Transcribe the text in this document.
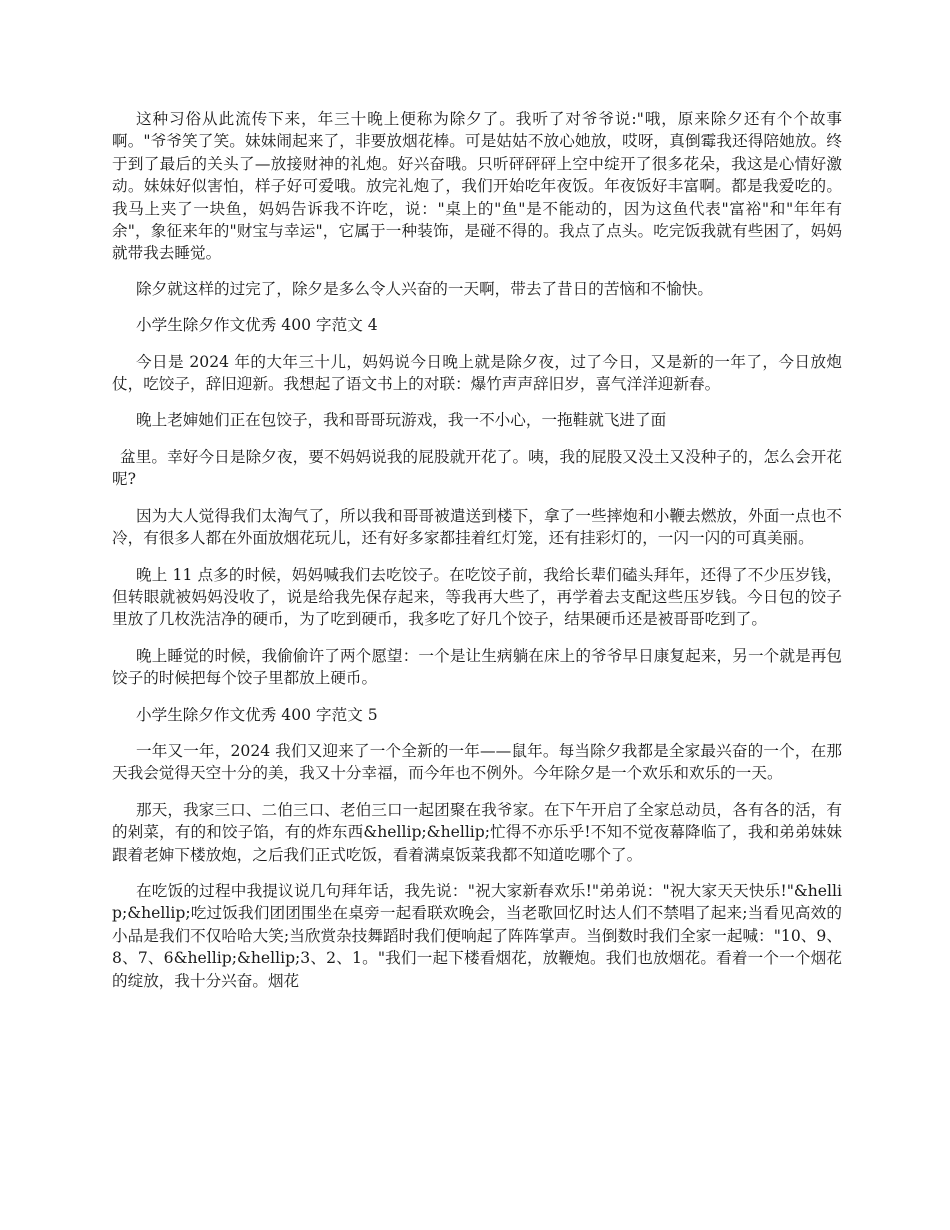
这种习俗从此流传下来，年三十晚上便称为除夕了。我听了对爷爷说:"哦，原来除夕还有个个故事啊。"爷爷笑了笑。妹妹闹起来了，非要放烟花棒。可是姑姑不放心她放，哎呀，真倒霉我还得陪她放。终于到了最后的关头了—放接财神的礼炮。好兴奋哦。只听砰砰砰上空中绽开了很多花朵，我这是心情好激动。妹妹好似害怕，样子好可爱哦。放完礼炮了，我们开始吃年夜饭。年夜饭好丰富啊。都是我爱吃的。我马上夹了一块鱼，妈妈告诉我不许吃，说："桌上的"鱼"是不能动的，因为这鱼代表"富裕"和"年年有余"，象征来年的"财宝与幸运"，它属于一种装饰，是碰不得的。我点了点头。吃完饭我就有些困了，妈妈就带我去睡觉。

除夕就这样的过完了，除夕是多么令人兴奋的一天啊，带去了昔日的苦恼和不愉快。

小学生除夕作文优秀 400 字范文 4

今日是 2024 年的大年三十儿，妈妈说今日晚上就是除夕夜，过了今日，又是新的一年了，今日放炮仗，吃饺子，辞旧迎新。我想起了语文书上的对联：爆竹声声辞旧岁，喜气洋洋迎新春。

晚上老婶她们正在包饺子，我和哥哥玩游戏，我一不小心，一拖鞋就飞进了面

盆里。幸好今日是除夕夜，要不妈妈说我的屁股就开花了。咦，我的屁股又没土又没种子的，怎么会开花呢?

因为大人觉得我们太淘气了，所以我和哥哥被遣送到楼下，拿了一些摔炮和小鞭去燃放，外面一点也不冷，有很多人都在外面放烟花玩儿，还有好多家都挂着红灯笼，还有挂彩灯的，一闪一闪的可真美丽。

晚上 11 点多的时候，妈妈喊我们去吃饺子。在吃饺子前，我给长辈们磕头拜年，还得了不少压岁钱，但转眼就被妈妈没收了，说是给我先保存起来，等我再大些了，再学着去支配这些压岁钱。今日包的饺子里放了几枚洗洁净的硬币，为了吃到硬币，我多吃了好几个饺子，结果硬币还是被哥哥吃到了。

晚上睡觉的时候，我偷偷许了两个愿望：一个是让生病躺在床上的爷爷早日康复起来，另一个就是再包饺子的时候把每个饺子里都放上硬币。

小学生除夕作文优秀 400 字范文 5

一年又一年，2024 我们又迎来了一个全新的一年——鼠年。每当除夕我都是全家最兴奋的一个，在那天我会觉得天空十分的美，我又十分幸福，而今年也不例外。今年除夕是一个欢乐和欢乐的一天。

那天，我家三口、二伯三口、老伯三口一起团聚在我爷家。在下午开启了全家总动员，各有各的活，有的剁菜，有的和饺子馅，有的炸东西&hellip;&hellip;忙得不亦乐乎!不知不觉夜幕降临了，我和弟弟妹妹跟着老婶下楼放炮，之后我们正式吃饭，看着满桌饭菜我都不知道吃哪个了。

在吃饭的过程中我提议说几句拜年话，我先说："祝大家新春欢乐!"弟弟说："祝大家天天快乐!"&hellip;&hellip;吃过饭我们团团围坐在桌旁一起看联欢晚会，当老歌回忆时达人们不禁唱了起来;当看见高效的小品是我们不仅哈哈大笑;当欣赏杂技舞蹈时我们便响起了阵阵掌声。当倒数时我们全家一起喊："10、9、8、7、6&hellip;&hellip;3、2、1。"我们一起下楼看烟花，放鞭炮。我们也放烟花。看着一个一个烟花的绽放，我十分兴奋。烟花
